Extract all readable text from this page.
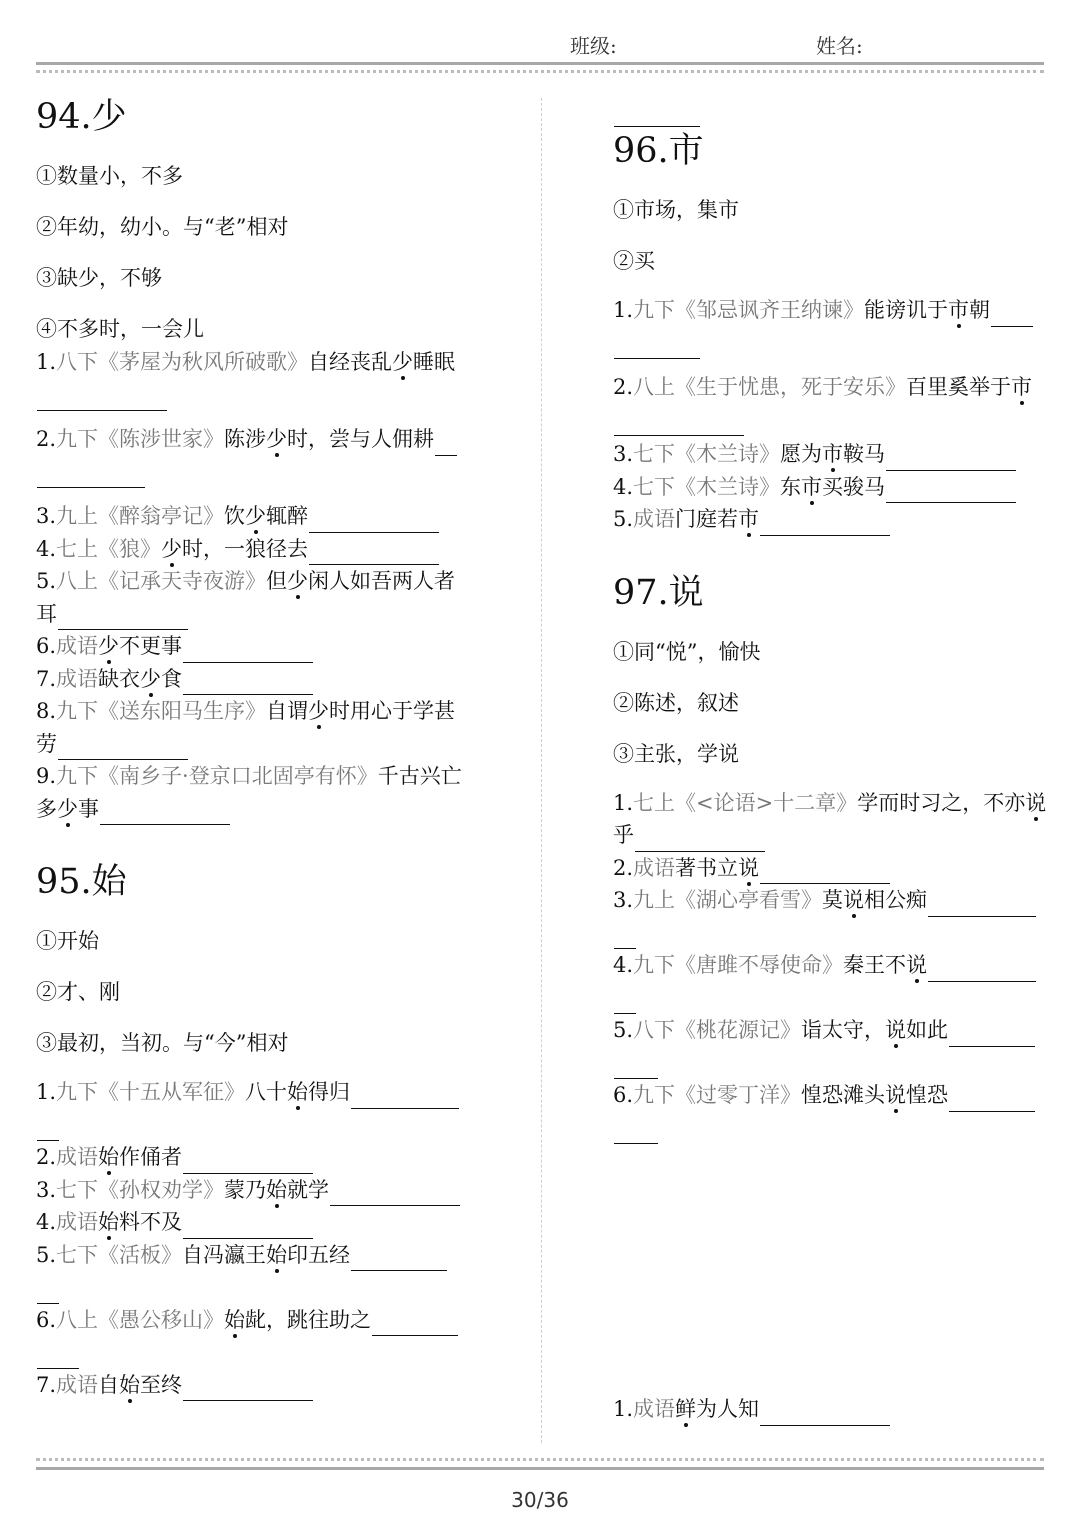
班级:	姓名:
94.少
①数量小，不多
②年幼，幼小。与“老”相对
③缺少，不够
④不多时，一会儿
1.八下《茅屋为秋风所破歌》自经丧乱少睡眠

2.九下《陈涉世家》陈涉少时，尝与人佣耕

3.九上《醉翁亭记》饮少辄醉
4.七上《狼》少时，一狼径去
5.八上《记承天寺夜游》但少闲人如吾两人者耳
6.成语少不更事
7.成语缺衣少食
8.九下《送东阳马生序》自谓少时用心于学甚劳
9.九下《南乡子·登京口北固亭有怀》千古兴亡多少事
95.始
①开始
②才、刚
③最初，当初。与“今”相对
1.九下《十五从军征》八十始得归

2.成语始作俑者
3.七下《孙权劝学》蒙乃始就学
4.成语始料不及
5.七下《活板》自冯瀛王始印五经

6.八上《愚公移山》始龀，跳往助之

7.成语自始至终
96.市
①市场，集市
②买
1.九下《邹忌讽齐王纳谏》能谤讥于市朝

2.八上《生于忧患，死于安乐》百里奚举于市

3.七下《木兰诗》愿为市鞍马
4.七下《木兰诗》东市买骏马
5.成语门庭若市
97.说
①同“悦”，愉快
②陈述，叙述
③主张，学说
1.七上《<论语>十二章》学而时习之，不亦说
乎
2.成语著书立说
3.九上《湖心亭看雪》莫说相公痴

4.九下《唐雎不辱使命》秦王不说

5.八下《桃花源记》诣太守，说如此

6.九下《过零丁洋》惶恐滩头说惶恐

1.成语鲜为人知
30/36
